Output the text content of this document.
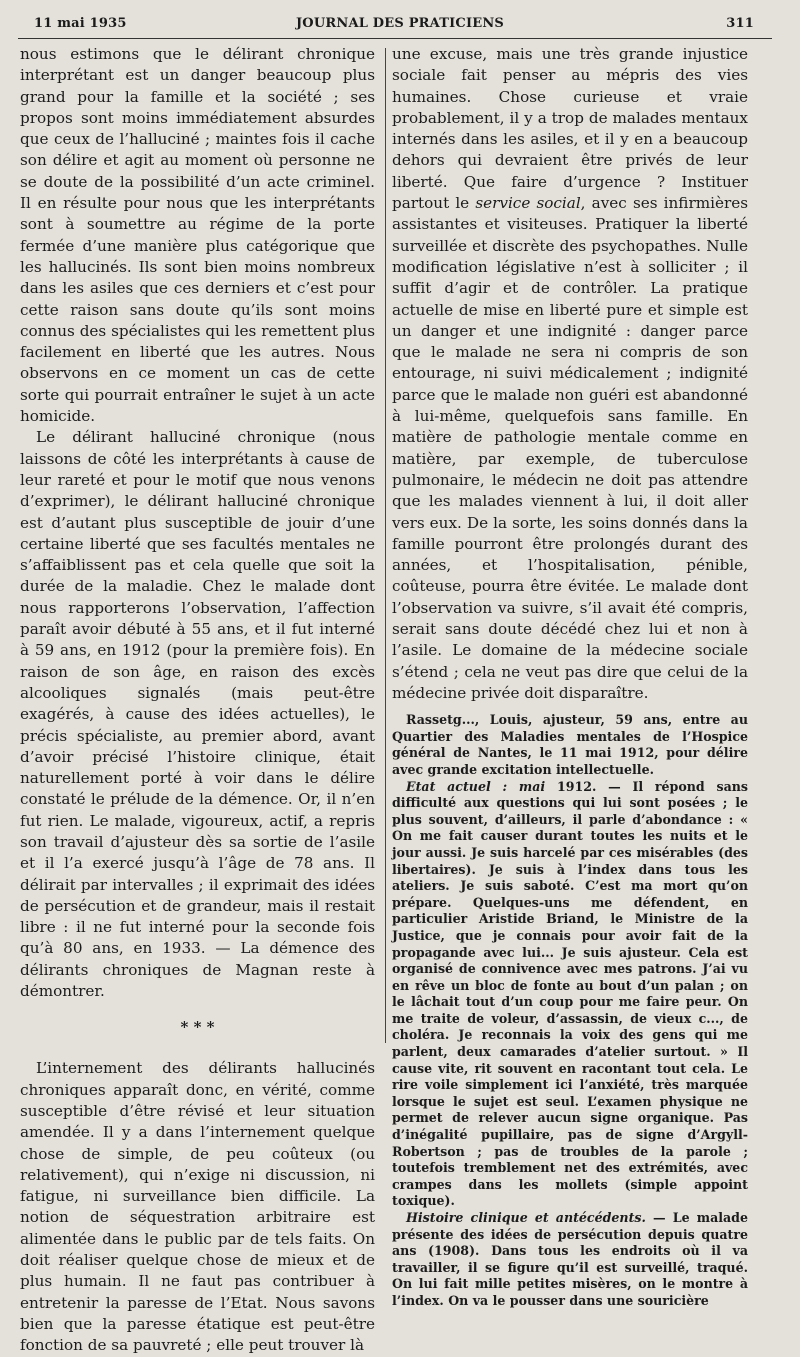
11 mai 1935	JOURNAL DES PRATICIENS	311

nous estimons que le délirant chronique interprétant est un danger beaucoup plus grand pour la famille et la société ; ses propos sont moins immédiatement absurdes que ceux de l’halluciné ; maintes fois il cache son délire et agit au moment où personne ne se doute de la possibilité d’un acte criminel. Il en résulte pour nous que les interprétants sont à soumettre au régime de la porte fermée d’une manière plus catégorique que les hallucinés. Ils sont bien moins nombreux dans les asiles que ces derniers et c’est pour cette raison sans doute qu’ils sont moins connus des spécialistes qui les remettent plus facilement en liberté que les autres. Nous observons en ce moment un cas de cette sorte qui pourrait entraîner le sujet à un acte homicide.

Le délirant halluciné chronique (nous laissons de côté les interprétants à cause de leur rareté et pour le motif que nous venons d’exprimer), le délirant halluciné chronique est d’autant plus susceptible de jouir d’une certaine liberté que ses facultés mentales ne s’affaiblissent pas et cela quelle que soit la durée de la maladie. Chez le malade dont nous rapporterons l’observation, l’affection paraît avoir débuté à 55 ans, et il fut interné à 59 ans, en 1912 (pour la première fois). En raison de son âge, en raison des excès alcooliques signalés (mais peut-être exagérés, à cause des idées actuelles), le précis spécialiste, au premier abord, avant d’avoir précisé l’histoire clinique, était naturellement porté à voir dans le délire constaté le prélude de la démence. Or, il n’en fut rien. Le malade, vigoureux, actif, a repris son travail d’ajusteur dès sa sortie de l’asile et il l’a exercé jusqu’à l’âge de 78 ans. Il délirait par intervalles ; il exprimait des idées de persécution et de grandeur, mais il restait libre : il ne fut interné pour la seconde fois qu’à 80 ans, en 1933. — La démence des délirants chroniques de Magnan reste à démontrer.

* * *

L’internement des délirants hallucinés chroniques apparaît donc, en vérité, comme susceptible d’être révisé et leur situation amendée. Il y a dans l’internement quelque chose de simple, de peu coûteux (ou relativement), qui n’exige ni discussion, ni fatigue, ni surveillance bien difficile. La notion de séquestration arbitraire est alimentée dans le public par de tels faits. On doit réaliser quelque chose de mieux et de plus humain. Il ne faut pas contribuer à entretenir la paresse de l’Etat. Nous savons bien que la paresse étatique est peut-être fonction de sa pauvreté ; elle peut trouver là

une excuse, mais une très grande injustice sociale fait penser au mépris des vies humaines. Chose curieuse et vraie probablement, il y a trop de malades mentaux internés dans les asiles, et il y en a beaucoup dehors qui devraient être privés de leur liberté. Que faire d’urgence ? Instituer partout le service social, avec ses infirmières assistantes et visiteuses. Pratiquer la liberté surveillée et discrète des psychopathes. Nulle modification législative n’est à solliciter ; il suffit d’agir et de contrôler. La pratique actuelle de mise en liberté pure et simple est un danger et une indignité : danger parce que le malade ne sera ni compris de son entourage, ni suivi médicalement ; indignité parce que le malade non guéri est abandonné à lui-même, quelquefois sans famille. En matière de pathologie mentale comme en matière, par exemple, de tuberculose pulmonaire, le médecin ne doit pas attendre que les malades viennent à lui, il doit aller vers eux. De la sorte, les soins donnés dans la famille pourront être prolongés durant des années, et l’hospitalisation, pénible, coûteuse, pourra être évitée. Le malade dont l’observation va suivre, s’il avait été compris, serait sans doute décédé chez lui et non à l’asile. Le domaine de la médecine sociale s’étend ; cela ne veut pas dire que celui de la médecine privée doit disparaître.

Rassetg..., Louis, ajusteur, 59 ans, entre au Quartier des Maladies mentales de l’Hospice général de Nantes, le 11 mai 1912, pour délire avec grande excitation intellectuelle.

Etat actuel : mai 1912. — Il répond sans difficulté aux questions qui lui sont posées ; le plus souvent, d’ailleurs, il parle d’abondance : « On me fait causer durant toutes les nuits et le jour aussi. Je suis harcelé par ces misérables (des libertaires). Je suis à l’index dans tous les ateliers. Je suis saboté. C’est ma mort qu’on prépare. Quelques-uns me défendent, en particulier Aristide Briand, le Ministre de la Justice, que je connais pour avoir fait de la propagande avec lui... Je suis ajusteur. Cela est organisé de connivence avec mes patrons. J’ai vu en rêve un bloc de fonte au bout d’un palan ; on le lâchait tout d’un coup pour me faire peur. On me traite de voleur, d’assassin, de vieux c..., de choléra. Je reconnais la voix des gens qui me parlent, deux camarades d’atelier surtout. » Il cause vite, rit souvent en racontant tout cela. Le rire voile simplement ici l’anxiété, très marquée lorsque le sujet est seul. L’examen physique ne permet de relever aucun signe organique. Pas d’inégalité pupillaire, pas de signe d’Argyll-Robertson ; pas de troubles de la parole ; toutefois tremblement net des extrémités, avec crampes dans les mollets (simple appoint toxique).

Histoire clinique et antécédents. — Le malade présente des idées de persécution depuis quatre ans (1908). Dans tous les endroits où il va travailler, il se figure qu’il est surveillé, traqué. On lui fait mille petites misères, on le montre à l’index. On va le pousser dans une souricière
